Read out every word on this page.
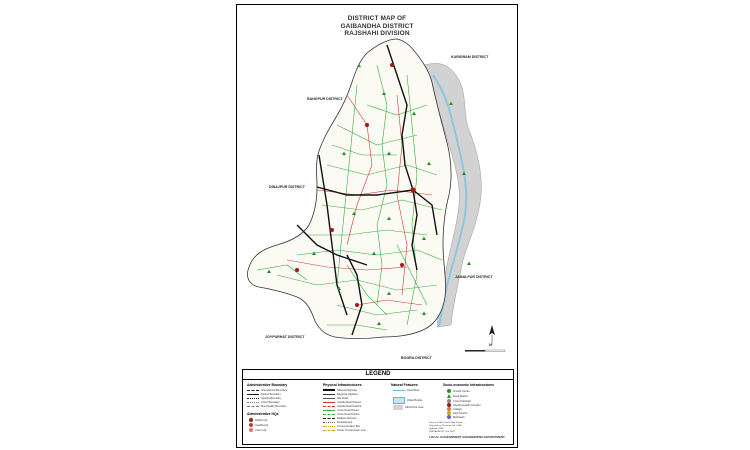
DISTRICT MAP OF
GAIBANDHA DISTRICT
RAJSHAHI DIVISION
KURIGRAM DISTRICT
RANGPUR DISTRICT
DINAJPUR DISTRICT
JAMALPUR DISTRICT
JOYPURHAT DISTRICT
BOGRA DISTRICT
N
LEGEND
Administrative Boundary
International Boundary
District Boundary
Upazila Boundary
Union Boundary
Municipality Boundary
Administrative HQs
District HQ
Upazila HQ
Union HQ
Physical Infrastructures
National Highway
Regional Highway
Zila Road
Upazila Road Paved
Upazila Road Katcha
Union Road Paved
Union Road Katcha
Railway Network
Embankment
Communication Box
Power Transmission Line
Natural Features
River/Khal
Water Bodies
Sand/Char Area
Socio-economic Infrastructures
Growth Centre
Rural Market
Union Parishad
Upazila Health Complex
College
High School
Madrasah
Source: LGED District Map Project
Prepared by: Planning Cell, LGED
Updated: 2006
PREPARED BY: GIS UNIT
LOCAL GOVERNMENT ENGINEERING DEPARTMENT
